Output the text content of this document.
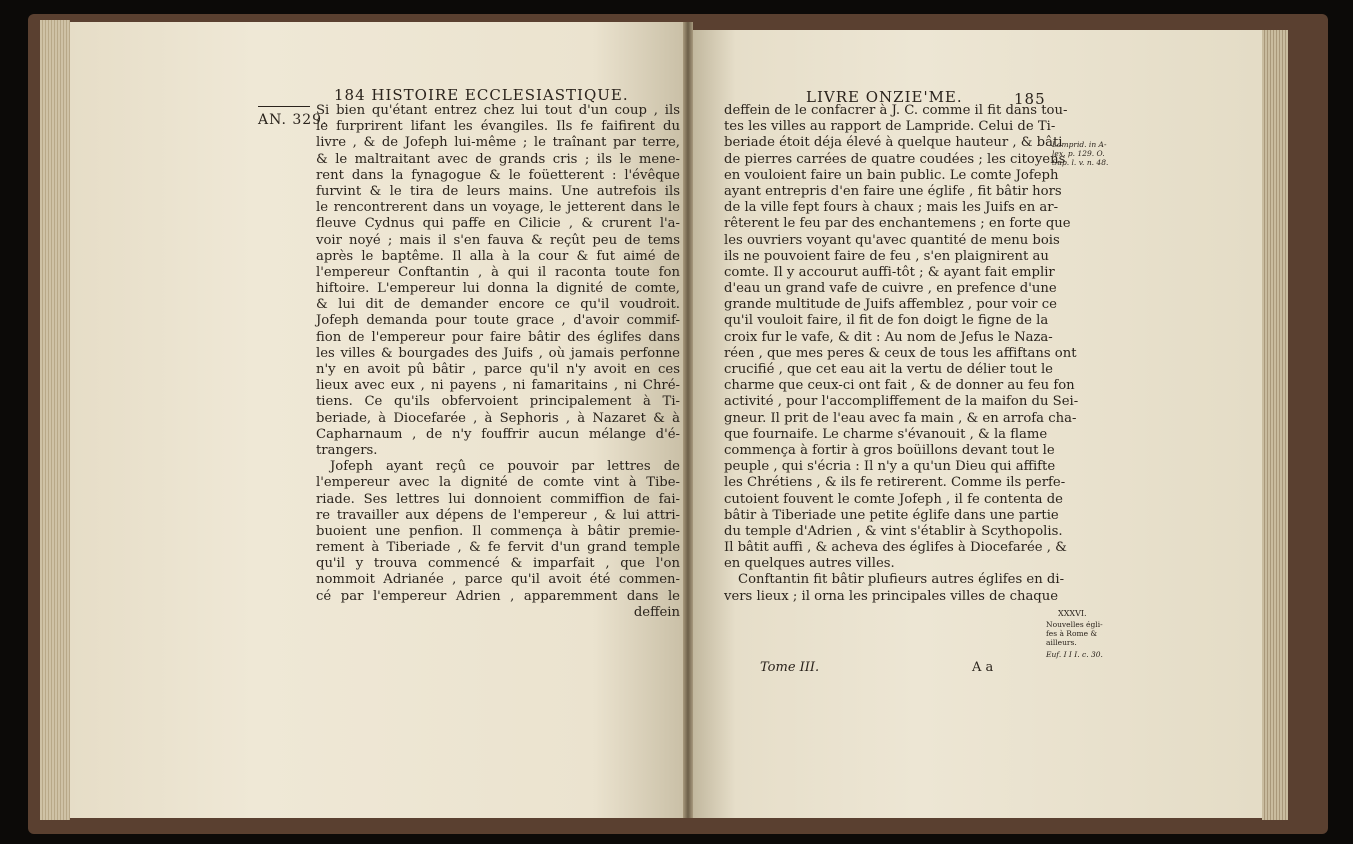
184 HISTOIRE ECCLESIASTIQUE.
AN. 329.
Si bien qu'étant entrez chez lui tout d'un coup , ils
le furprirent lifant les évangiles. Ils fe faifirent du
livre , & de Jofeph lui-même ; le traînant par terre,
& le maltraitant avec de grands cris ; ils le mene-
rent dans la fynagogue & le foüetterent : l'évêque
furvint & le tira de leurs mains. Une autrefois ils
le rencontrerent dans un voyage, le jetterent dans le
fleuve Cydnus qui paffe en Cilicie , & crurent l'a-
voir noyé ; mais il s'en fauva & reçût peu de tems
après le baptême. Il alla à la cour & fut aimé de
l'empereur Conftantin , à qui il raconta toute fon
hiftoire. L'empereur lui donna la dignité de comte,
& lui dit de demander encore ce qu'il voudroit.
Jofeph demanda pour toute grace , d'avoir commif-
fion de l'empereur pour faire bâtir des églifes dans
les villes & bourgades des Juifs , où jamais perfonne
n'y en avoit pû bâtir , parce qu'il n'y avoit en ces
lieux avec eux , ni payens , ni famaritains , ni Chré-
tiens. Ce qu'ils obfervoient principalement à Ti-
beriade, à Diocefarée , à Sephoris , à Nazaret & à
Capharnaum , de n'y fouffrir aucun mélange d'é-
trangers.
Jofeph ayant reçû ce pouvoir par lettres de
l'empereur avec la dignité de comte vint à Tibe-
riade. Ses lettres lui donnoient commiffion de fai-
re travailler aux dépens de l'empereur , & lui attri-
buoient une penfion. Il commença à bâtir premie-
rement à Tiberiade , & fe fervit d'un grand temple
qu'il y trouva commencé & imparfait , que l'on
nommoit Adrianée , parce qu'il avoit été commen-
cé par l'empereur Adrien , apparemment dans le
deffein
LIVRE ONZIE'ME.	185
deffein de le confacrer à J. C. comme il fit dans tou-
tes les villes au rapport de Lampride. Celui de Ti-
beriade étoit déja élevé à quelque hauteur , & bâti
de pierres carrées de quatre coudées ; les citoyens
en vouloient faire un bain public. Le comte Jofeph
ayant entrepris d'en faire une églife , fit bâtir hors
de la ville fept fours à chaux ; mais les Juifs en ar-
rêterent le feu par des enchantemens ; en forte que
les ouvriers voyant qu'avec quantité de menu bois
ils ne pouvoient faire de feu , s'en plaignirent au
comte. Il y accourut auffi-tôt ; & ayant fait emplir
d'eau un grand vafe de cuivre , en prefence d'une
grande multitude de Juifs affemblez , pour voir ce
qu'il vouloit faire, il fit de fon doigt le figne de la
croix fur le vafe, & dit : Au nom de Jefus le Naza-
réen , que mes peres & ceux de tous les affiftans ont
crucifié , que cet eau ait la vertu de délier tout le
charme que ceux-ci ont fait , & de donner au feu fon
activité , pour l'accompliffement de la maifon du Sei-
gneur. Il prit de l'eau avec fa main , & en arrofa cha-
que fournaife. Le charme s'évanouit , & la flame
commença à fortir à gros boüillons devant tout le
peuple , qui s'écria : Il n'y a qu'un Dieu qui affifte
les Chrétiens , & ils fe retirerent. Comme ils perfe-
cutoient fouvent le comte Jofeph , il fe contenta de
bâtir à Tiberiade une petite églife dans une partie
du temple d'Adrien , & vint s'établir à Scythopolis.
Il bâtit auffi , & acheva des églifes à Diocefarée , &
en quelques autres villes.
Conftantin fit bâtir plufieurs autres églifes en di-
vers lieux ; il orna les principales villes de chaque
Lamprid. in A-
lex. p. 129. O.
Sup. l. v. n. 48.
XXXVI.
Nouvelles égli-
fes à Rome &
ailleurs.
Euf. I I I. c. 30.
Tome III.	A a
